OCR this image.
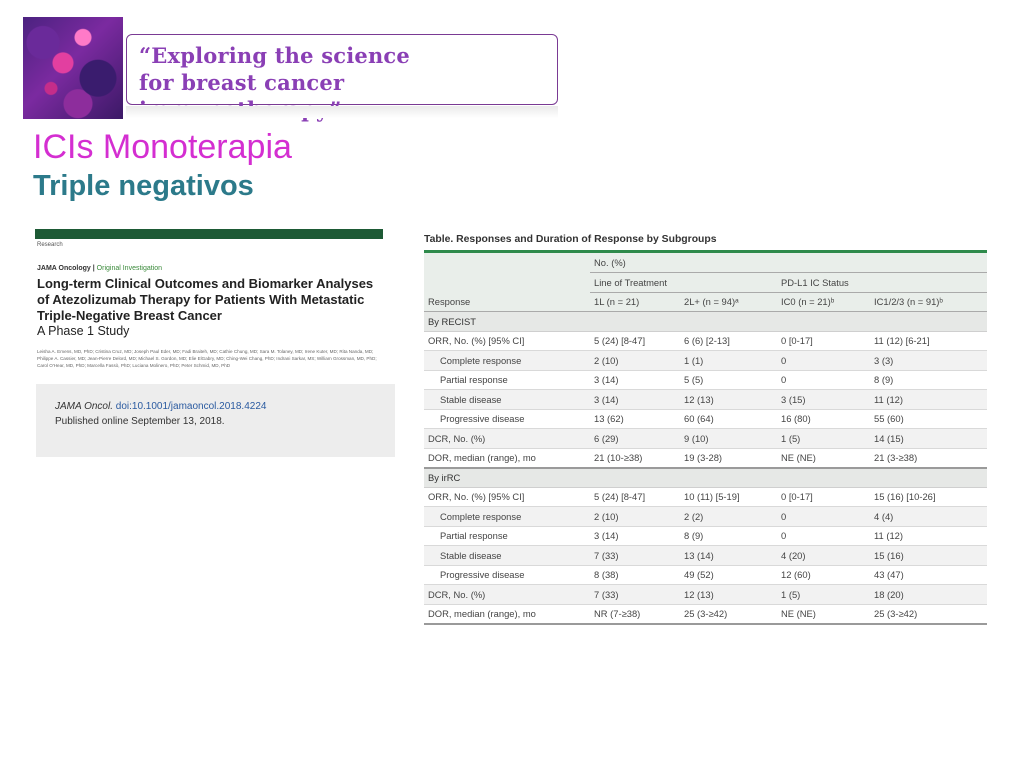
“Exploring the science
for breast cancer
ICIs Monoterapia
Triple negativos
Research
JAMA Oncology | Original Investigation
Long-term Clinical Outcomes and Biomarker Analyses of Atezolizumab Therapy for Patients With Metastatic Triple-Negative Breast Cancer
A Phase 1 Study
Leisha A. Emens, MD, PhD; Cristina Cruz, MD; Joseph Paul Eder, MD; Fadi Braiteh, MD; Cathie Chung, MD; Sara M. Tolaney, MD; Irene Kuter, MD; Rita Nanda, MD; Philippe A. Cassier, MD; Jean-Pierre Delord, MD; Michael S. Gordon, MD; Elie ElGabry, MD; Ching-Wei Chang, PhD; Indrani Sarkar, MS; William Grossman, MD, PhD; Carol O'Hear, MD, PhD; Marcella Fassò, PhD; Luciana Molinero, PhD; Peter Schmid, MD, PhD
JAMA Oncol. doi:10.1001/jamaoncol.2018.4224
Published online September 13, 2018.
Table. Responses and Duration of Response by Subgroups
	No. (%)			
	Line of Treatment		PD-L1 IC Status	
Response	1L (n = 21)	2L+ (n = 94)ᵃ	IC0 (n = 21)ᵇ	IC1/2/3 (n = 91)ᵇ
By RECIST				
ORR, No. (%) [95% CI]	5 (24) [8-47]	6 (6) [2-13]	0 [0-17]	11 (12) [6-21]
Complete response	2 (10)	1 (1)	0	3 (3)
Partial response	3 (14)	5 (5)	0	8 (9)
Stable disease	3 (14)	12 (13)	3 (15)	11 (12)
Progressive disease	13 (62)	60 (64)	16 (80)	55 (60)
DCR, No. (%)	6 (29)	9 (10)	1 (5)	14 (15)
DOR, median (range), mo	21 (10-≥38)	19 (3-28)	NE (NE)	21 (3-≥38)
By irRC				
ORR, No. (%) [95% CI]	5 (24) [8-47]	10 (11) [5-19]	0 [0-17]	15 (16) [10-26]
Complete response	2 (10)	2 (2)	0	4 (4)
Partial response	3 (14)	8 (9)	0	11 (12)
Stable disease	7 (33)	13 (14)	4 (20)	15 (16)
Progressive disease	8 (38)	49 (52)	12 (60)	43 (47)
DCR, No. (%)	7 (33)	12 (13)	1 (5)	18 (20)
DOR, median (range), mo	NR (7-≥38)	25 (3-≥42)	NE (NE)	25 (3-≥42)
